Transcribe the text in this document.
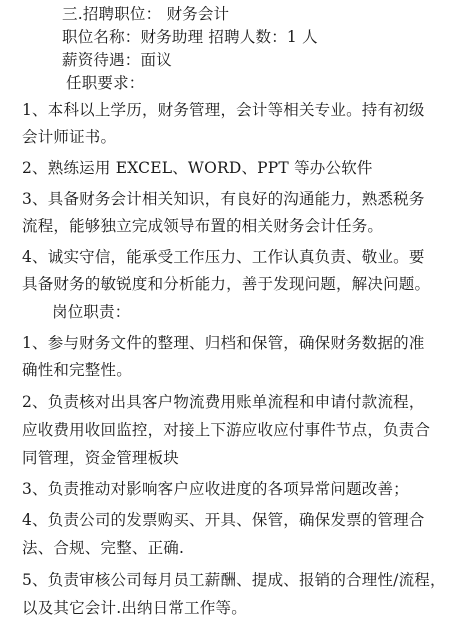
三.招聘职位： 财务会计
职位名称：财务助理 招聘人数：1 人
薪资待遇：面议
任职要求：
1、本科以上学历，财务管理，会计等相关专业。持有初级
会计师证书。
2、熟练运用 EXCEL、WORD、PPT 等办公软件
3、具备财务会计相关知识，有良好的沟通能力，熟悉税务
流程，能够独立完成领导布置的相关财务会计任务。
4、诚实守信，能承受工作压力、工作认真负责、敬业。要
具备财务的敏锐度和分析能力，善于发现问题，解决问题。
岗位职责：
1、参与财务文件的整理、归档和保管，确保财务数据的准
确性和完整性。
2、负责核对出具客户物流费用账单流程和申请付款流程，
应收费用收回监控，对接上下游应收应付事件节点，负责合
同管理，资金管理板块
3、负责推动对影响客户应收进度的各项异常问题改善；
4、负责公司的发票购买、开具、保管，确保发票的管理合
法、合规、完整、正确.
5、负责审核公司每月员工薪酬、提成、报销的合理性/流程，
以及其它会计.出纳日常工作等。
